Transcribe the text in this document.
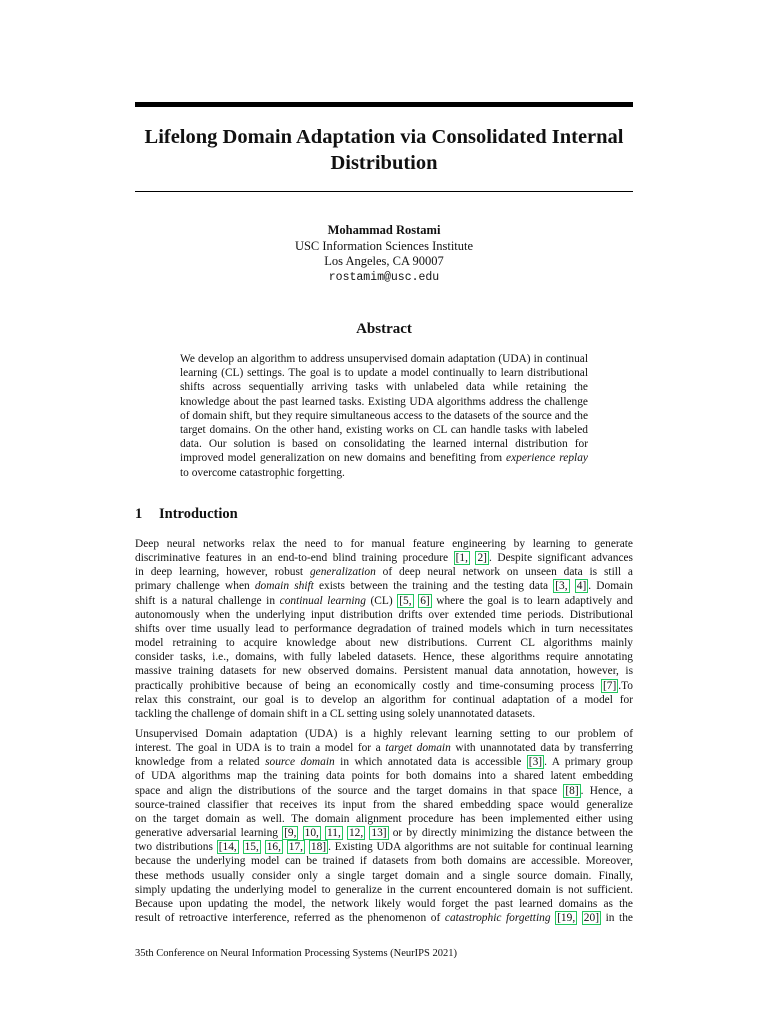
Lifelong Domain Adaptation via Consolidated Internal
Distribution
Mohammad Rostami
USC Information Sciences Institute
Los Angeles, CA 90007
rostamim@usc.edu
Abstract
We develop an algorithm to address unsupervised domain adaptation (UDA) in continual learning (CL) settings. The goal is to update a model continually to learn distributional shifts across sequentially arriving tasks with unlabeled data while retaining the knowledge about the past learned tasks. Existing UDA algorithms address the challenge of domain shift, but they require simultaneous access to the datasets of the source and the target domains. On the other hand, existing works on CL can handle tasks with labeled data. Our solution is based on consolidating the learned internal distribution for improved model generalization on new domains and benefiting from experience replay to overcome catastrophic forgetting.
1 Introduction
Deep neural networks relax the need to for manual feature engineering by learning to generate
discriminative features in an end-to-end blind training procedure [1, 2] . Despite significant advances
in deep learning, however, robust generalization of deep neural network on unseen data is still a
primary challenge when domain shift exists between the training and the testing data [3, 4] . Domain
shift is a natural challenge in continual learning (CL) [5, 6] where the goal is to learn adaptively and
autonomously when the underlying input distribution drifts over extended time periods. Distributional
shifts over time usually lead to performance degradation of trained models which in turn necessitates
model retraining to acquire knowledge about new distributions. Current CL algorithms mainly
consider tasks, i.e., domains, with fully labeled datasets. Hence, these algorithms require annotating
massive training datasets for new observed domains. Persistent manual data annotation, however, is
practically prohibitive because of being an economically costly and time-consuming process [7] .To
relax this constraint, our goal is to develop an algorithm for continual adaptation of a model for
tackling the challenge of domain shift in a CL setting using solely unannotated datasets.
Unsupervised Domain adaptation (UDA) is a highly relevant learning setting to our problem of
interest. The goal in UDA is to train a model for a target domain with unannotated data by transferring
knowledge from a related source domain in which annotated data is accessible [3] . A primary group
of UDA algorithms map the training data points for both domains into a shared latent embedding
space and align the distributions of the source and the target domains in that space [8] . Hence, a
source-trained classifier that receives its input from the shared embedding space would generalize
on the target domain as well. The domain alignment procedure has been implemented either using
generative adversarial learning [9, 10, 11, 12, 13] or by directly minimizing the distance between the
two distributions [14, 15, 16, 17, 18] . Existing UDA algorithms are not suitable for continual learning
because the underlying model can be trained if datasets from both domains are accessible. Moreover,
these methods usually consider only a single target domain and a single source domain. Finally,
simply updating the underlying model to generalize in the current encountered domain is not sufficient.
Because upon updating the model, the network likely would forget the past learned domains as the
result of retroactive interference, referred as the phenomenon of catastrophic forgetting [19, 20] in the
35th Conference on Neural Information Processing Systems (NeurIPS 2021)
